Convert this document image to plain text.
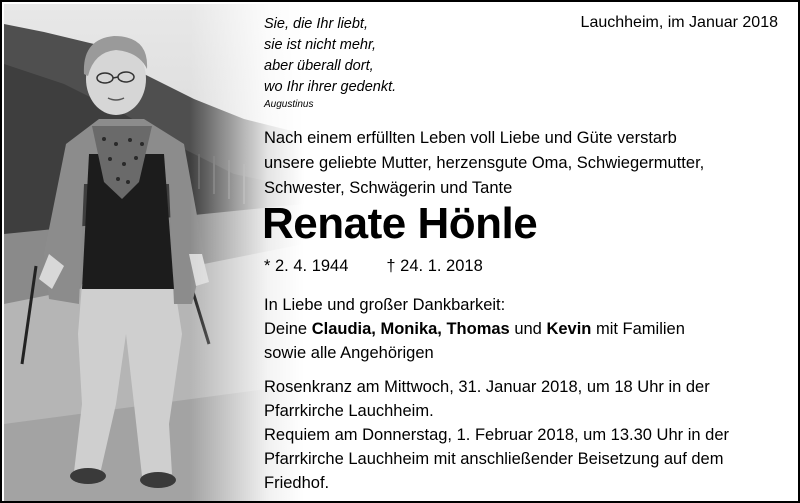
Sie, die Ihr liebt,
sie ist nicht mehr,
aber überall dort,
wo Ihr ihrer gedenkt.
Augustinus
Lauchheim, im Januar 2018
Nach einem erfüllten Leben voll Liebe und Güte verstarb
unsere geliebte Mutter, herzensgute Oma, Schwiegermutter,
Schwester, Schwägerin und Tante
Renate Hönle
* 2. 4. 1944 † 24. 1. 2018
In Liebe und großer Dankbarkeit:
Deine Claudia, Monika, Thomas und Kevin mit Familien
sowie alle Angehörigen
Rosenkranz am Mittwoch, 31. Januar 2018, um 18 Uhr in der
Pfarrkirche Lauchheim.
Requiem am Donnerstag, 1. Februar 2018, um 13.30 Uhr in der
Pfarrkirche Lauchheim mit anschließender Beisetzung auf dem
Friedhof.
